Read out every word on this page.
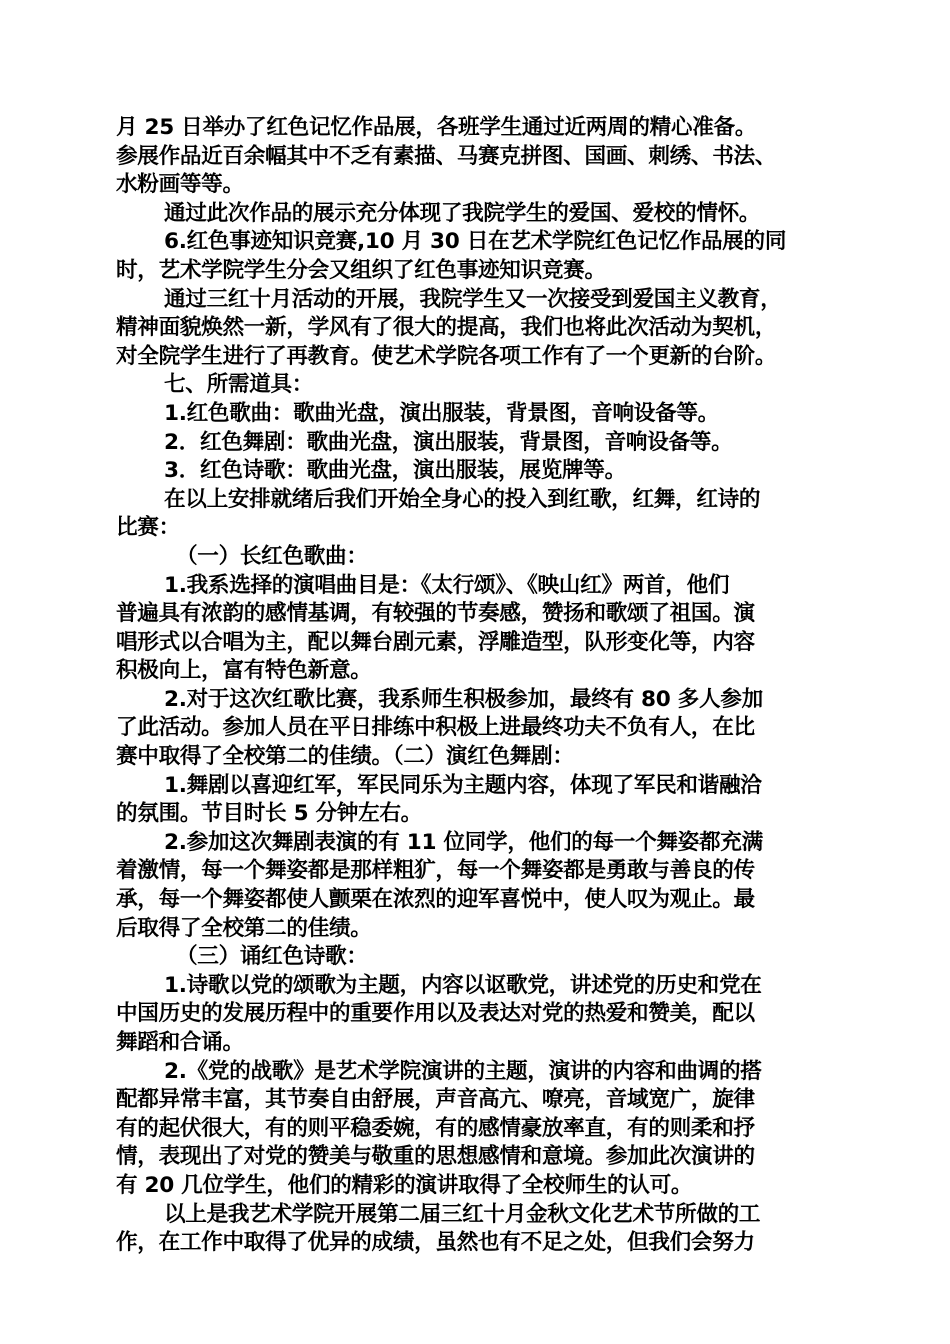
月 25 日举办了红色记忆作品展，各班学生通过近两周的精心准备。

参展作品近百余幅其中不乏有素描、马赛克拼图、国画、刺绣、书法、

水粉画等等。

通过此次作品的展示充分体现了我院学生的爱国、爱校的情怀。

6.红色事迹知识竞赛,10 月 30 日在艺术学院红色记忆作品展的同

时，艺术学院学生分会又组织了红色事迹知识竞赛。

通过三红十月活动的开展，我院学生又一次接受到爱国主义教育，

精神面貌焕然一新，学风有了很大的提高，我们也将此次活动为契机，

对全院学生进行了再教育。使艺术学院各项工作有了一个更新的台阶。

七、所需道具：

1.红色歌曲：歌曲光盘，演出服装，背景图，音响设备等。

2．红色舞剧：歌曲光盘，演出服装，背景图，音响设备等。

3．红色诗歌：歌曲光盘，演出服装，展览牌等。

在以上安排就绪后我们开始全身心的投入到红歌，红舞，红诗的

比赛：

（一）长红色歌曲：

1.我系选择的演唱曲目是：《太行颂》、《映山红》两首，他们

普遍具有浓韵的感情基调，有较强的节奏感，赞扬和歌颂了祖国。演

唱形式以合唱为主，配以舞台剧元素，浮雕造型，队形变化等，内容

积极向上，富有特色新意。

2.对于这次红歌比赛，我系师生积极参加，最终有 80 多人参加

了此活动。参加人员在平日排练中积极上进最终功夫不负有人，在比

赛中取得了全校第二的佳绩。（二）演红色舞剧：

1.舞剧以喜迎红军，军民同乐为主题内容，体现了军民和谐融洽

的氛围。节目时长 5 分钟左右。

2.参加这次舞剧表演的有 11 位同学，他们的每一个舞姿都充满

着激情，每一个舞姿都是那样粗犷，每一个舞姿都是勇敢与善良的传

承，每一个舞姿都使人颤栗在浓烈的迎军喜悦中，使人叹为观止。最

后取得了全校第二的佳绩。

（三）诵红色诗歌：

1.诗歌以党的颂歌为主题，内容以讴歌党，讲述党的历史和党在

中国历史的发展历程中的重要作用以及表达对党的热爱和赞美，配以

舞蹈和合诵。

2.《党的战歌》是艺术学院演讲的主题，演讲的内容和曲调的搭

配都异常丰富，其节奏自由舒展，声音高亢、嘹亮，音域宽广，旋律

有的起伏很大，有的则平稳委婉，有的感情豪放率直，有的则柔和抒

情，表现出了对党的赞美与敬重的思想感情和意境。参加此次演讲的

有 20 几位学生，他们的精彩的演讲取得了全校师生的认可。

以上是我艺术学院开展第二届三红十月金秋文化艺术节所做的工

作，在工作中取得了优异的成绩，虽然也有不足之处，但我们会努力
